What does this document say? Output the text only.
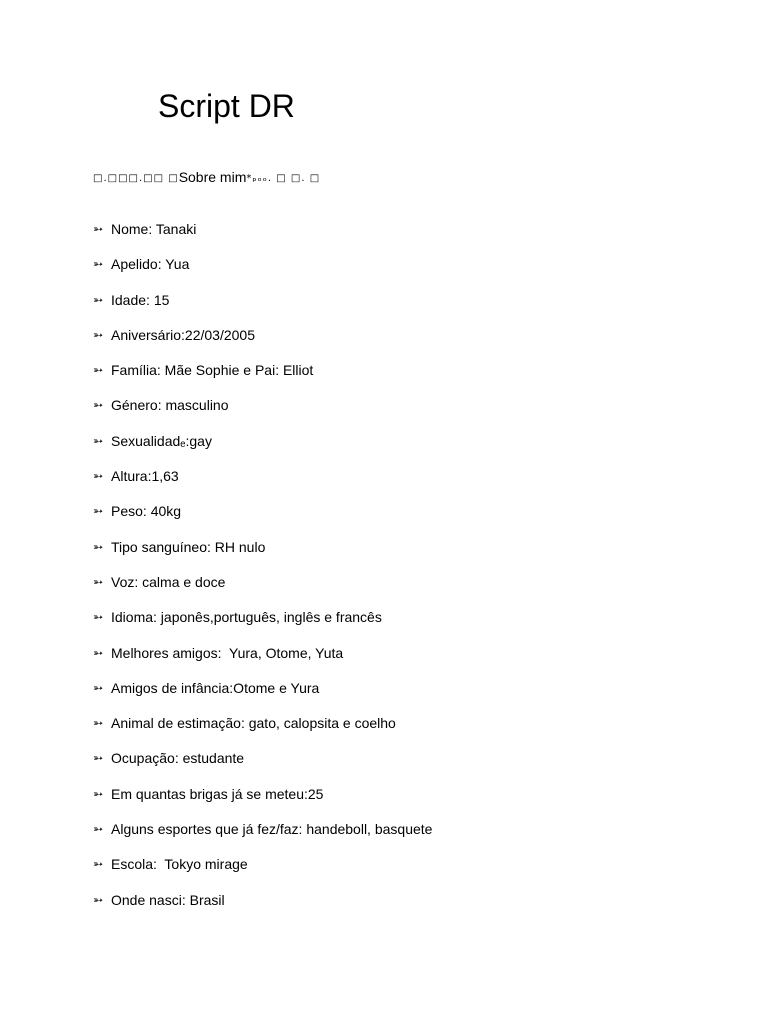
Script DR
□.□□□.□□ □Sobre mim*ₚₒₒ. □ □. □
➳ Nome: Tanaki
➳ Apelido: Yua
➳ Idade: 15
➳ Aniversário:22/03/2005
➳ Família: Mãe Sophie e Pai: Elliot
➳ Género: masculino
➳ Sexualidadₑ:gay
➳ Altura:1,63
➳ Peso: 40kg
➳ Tipo sanguíneo: RH nulo
➳ Voz: calma e doce
➳ Idioma: japonês,português, inglês e francês
➳ Melhores amigos:  Yura, Otome, Yuta
➳ Amigos de infância:Otome e Yura
➳ Animal de estimação: gato, calopsita e coelho
➳ Ocupação: estudante
➳ Em quantas brigas já se meteu:25
➳ Alguns esportes que já fez/faz: handeboll, basquete
➳ Escola:  Tokyo mirage
➳ Onde nasci: Brasil
